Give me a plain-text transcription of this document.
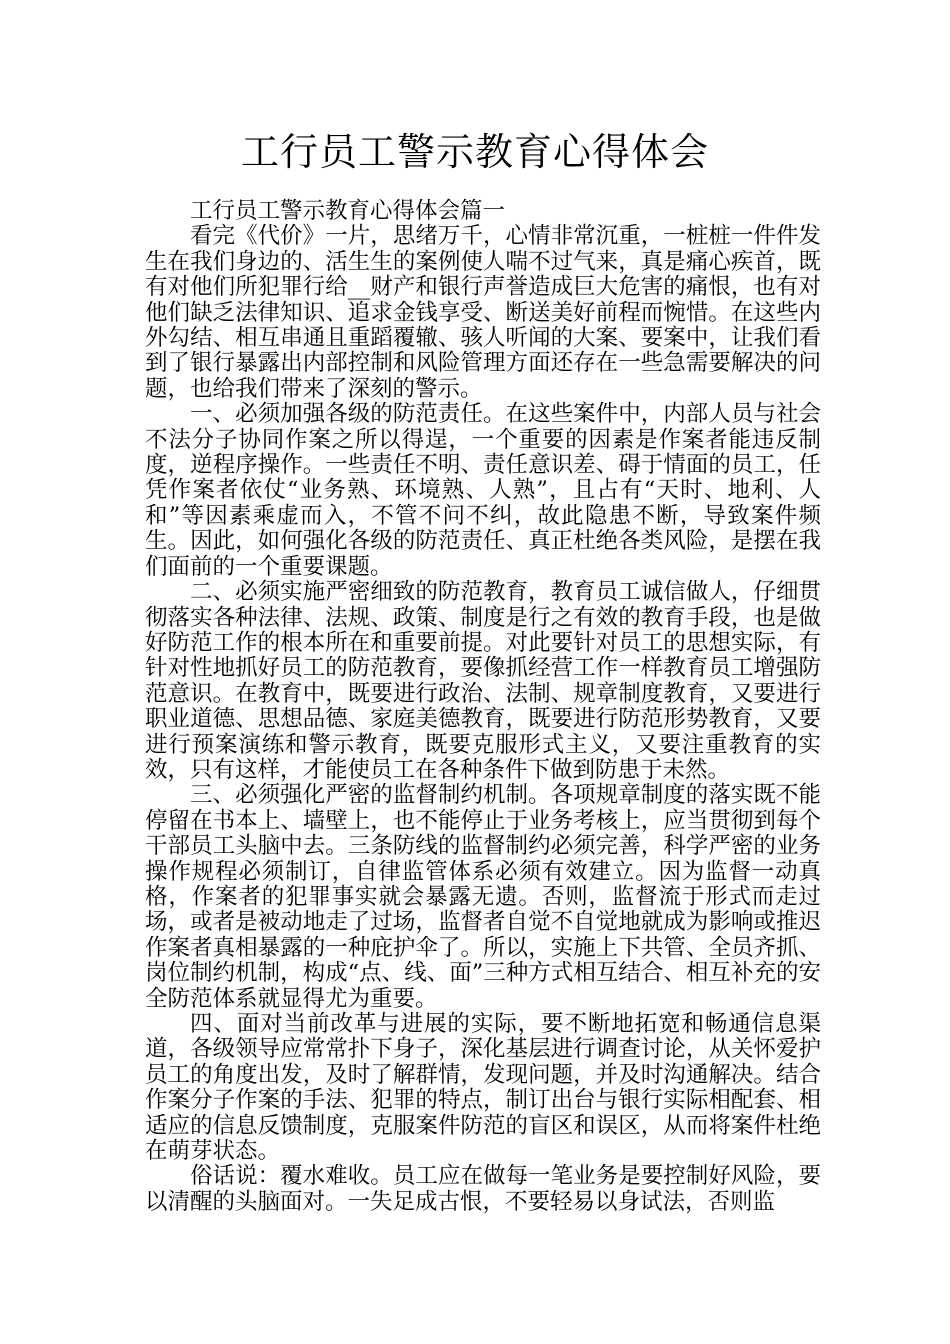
工行员工警示教育心得体会

工行员工警示教育心得体会篇一

看完《代价》一片，思绪万千，心情非常沉重，一桩桩一件件发生在我们身边的、活生生的案例使人喘不过气来，真是痛心疾首，既有对他们所犯罪行给__财产和银行声誉造成巨大危害的痛恨，也有对他们缺乏法律知识、追求金钱享受、断送美好前程而惋惜。在这些内外勾结、相互串通且重蹈覆辙、骇人听闻的大案、要案中，让我们看到了银行暴露出内部控制和风险管理方面还存在一些急需要解决的问题，也给我们带来了深刻的警示。

一、必须加强各级的防范责任。在这些案件中，内部人员与社会不法分子协同作案之所以得逞，一个重要的因素是作案者能违反制度，逆程序操作。一些责任不明、责任意识差、碍于情面的员工，任凭作案者依仗“业务熟、环境熟、人熟”，且占有“天时、地利、人和”等因素乘虚而入，不管不问不纠，故此隐患不断，导致案件频生。因此，如何强化各级的防范责任、真正杜绝各类风险，是摆在我们面前的一个重要课题。

二、必须实施严密细致的防范教育，教育员工诚信做人，仔细贯彻落实各种法律、法规、政策、制度是行之有效的教育手段，也是做好防范工作的根本所在和重要前提。对此要针对员工的思想实际，有针对性地抓好员工的防范教育，要像抓经营工作一样教育员工增强防范意识。在教育中，既要进行政治、法制、规章制度教育，又要进行职业道德、思想品德、家庭美德教育，既要进行防范形势教育，又要进行预案演练和警示教育，既要克服形式主义，又要注重教育的实效，只有这样，才能使员工在各种条件下做到防患于未然。

三、必须强化严密的监督制约机制。各项规章制度的落实既不能停留在书本上、墙壁上，也不能停止于业务考核上，应当贯彻到每个干部员工头脑中去。三条防线的监督制约必须完善，科学严密的业务操作规程必须制订，自律监管体系必须有效建立。因为监督一动真格，作案者的犯罪事实就会暴露无遗。否则，监督流于形式而走过场，或者是被动地走了过场，监督者自觉不自觉地就成为影响或推迟作案者真相暴露的一种庇护伞了。所以，实施上下共管、全员齐抓、岗位制约机制，构成“点、线、面”三种方式相互结合、相互补充的安全防范体系就显得尤为重要。

四、面对当前改革与进展的实际，要不断地拓宽和畅通信息渠道，各级领导应常常扑下身子，深化基层进行调查讨论，从关怀爱护员工的角度出发，及时了解群情，发现问题，并及时沟通解决。结合作案分子作案的手法、犯罪的特点，制订出台与银行实际相配套、相适应的信息反馈制度，克服案件防范的盲区和误区，从而将案件杜绝在萌芽状态。

俗话说：覆水难收。员工应在做每一笔业务是要控制好风险，要以清醒的头脑面对。一失足成古恨，不要轻易以身试法，否则监
